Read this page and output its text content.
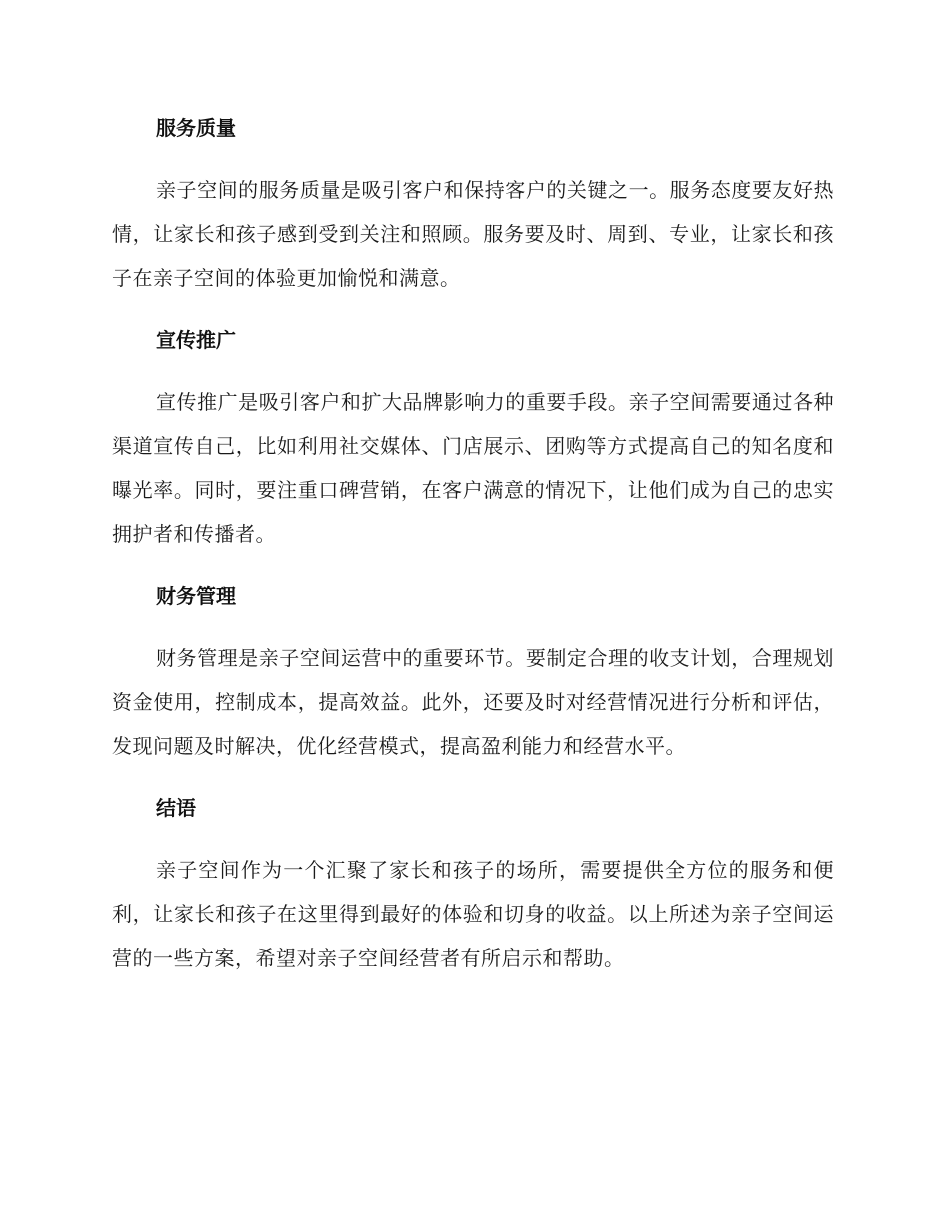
服务质量

亲子空间的服务质量是吸引客户和保持客户的关键之一。服务态度要友好热情，让家长和孩子感到受到关注和照顾。服务要及时、周到、专业，让家长和孩子在亲子空间的体验更加愉悦和满意。

宣传推广

宣传推广是吸引客户和扩大品牌影响力的重要手段。亲子空间需要通过各种渠道宣传自己，比如利用社交媒体、门店展示、团购等方式提高自己的知名度和曝光率。同时，要注重口碑营销，在客户满意的情况下，让他们成为自己的忠实拥护者和传播者。

财务管理

财务管理是亲子空间运营中的重要环节。要制定合理的收支计划，合理规划资金使用，控制成本，提高效益。此外，还要及时对经营情况进行分析和评估，发现问题及时解决，优化经营模式，提高盈利能力和经营水平。

结语

亲子空间作为一个汇聚了家长和孩子的场所，需要提供全方位的服务和便利，让家长和孩子在这里得到最好的体验和切身的收益。以上所述为亲子空间运营的一些方案，希望对亲子空间经营者有所启示和帮助。
